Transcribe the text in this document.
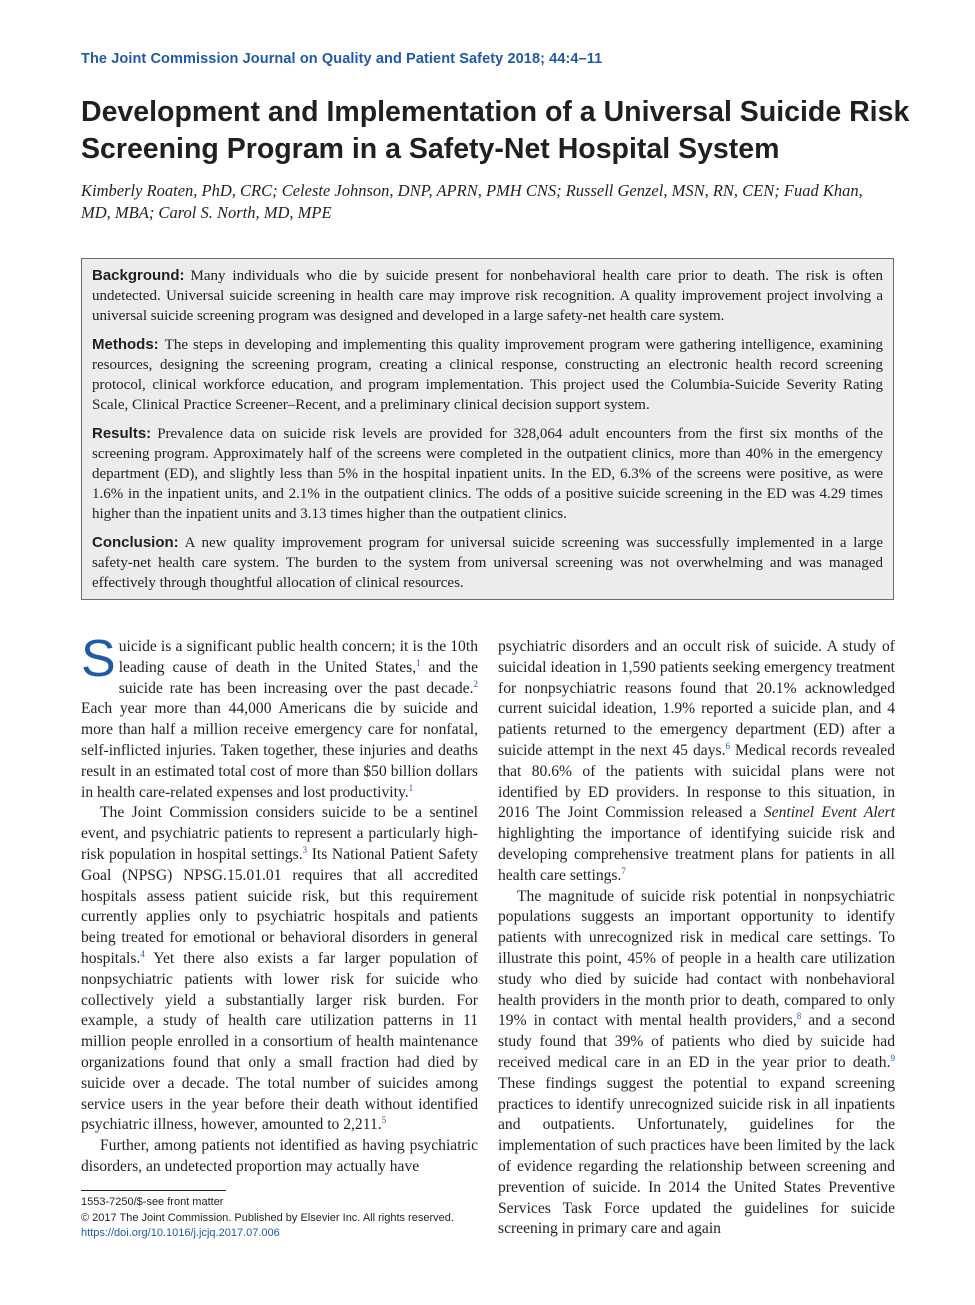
The Joint Commission Journal on Quality and Patient Safety 2018; 44:4–11
Development and Implementation of a Universal Suicide Risk Screening Program in a Safety-Net Hospital System
Kimberly Roaten, PhD, CRC; Celeste Johnson, DNP, APRN, PMH CNS; Russell Genzel, MSN, RN, CEN; Fuad Khan, MD, MBA; Carol S. North, MD, MPE

Background: Many individuals who die by suicide present for nonbehavioral health care prior to death. The risk is often undetected. Universal suicide screening in health care may improve risk recognition. A quality improvement project involving a universal suicide screening program was designed and developed in a large safety-net health care system.

Methods: The steps in developing and implementing this quality improvement program were gathering intelligence, examining resources, designing the screening program, creating a clinical response, constructing an electronic health record screening protocol, clinical workforce education, and program implementation. This project used the Columbia-Suicide Severity Rating Scale, Clinical Practice Screener–Recent, and a preliminary clinical decision support system.

Results: Prevalence data on suicide risk levels are provided for 328,064 adult encounters from the first six months of the screening program. Approximately half of the screens were completed in the outpatient clinics, more than 40% in the emergency department (ED), and slightly less than 5% in the hospital inpatient units. In the ED, 6.3% of the screens were positive, as were 1.6% in the inpatient units, and 2.1% in the outpatient clinics. The odds of a positive suicide screening in the ED was 4.29 times higher than the inpatient units and 3.13 times higher than the outpatient clinics.

Conclusion: A new quality improvement program for universal suicide screening was successfully implemented in a large safety-net health care system. The burden to the system from universal screening was not overwhelming and was managed effectively through thoughtful allocation of clinical resources.

Suicide is a significant public health concern; it is the 10th leading cause of death in the United States,$^1$ and the suicide rate has been increasing over the past decade.$^2$ Each year more than 44,000 Americans die by suicide and more than half a million receive emergency care for nonfatal, self-inflicted injuries. Taken together, these injuries and deaths result in an estimated total cost of more than $50 billion dollars in health care-related expenses and lost productivity.$^1$

The Joint Commission considers suicide to be a sentinel event, and psychiatric patients to represent a particularly high-risk population in hospital settings.$^3$ Its National Patient Safety Goal (NPSG) NPSG.15.01.01 requires that all accredited hospitals assess patient suicide risk, but this requirement currently applies only to psychiatric hospitals and patients being treated for emotional or behavioral disorders in general hospitals.$^4$ Yet there also exists a far larger population of nonpsychiatric patients with lower risk for suicide who collectively yield a substantially larger risk burden. For example, a study of health care utilization patterns in 11 million people enrolled in a consortium of health maintenance organizations found that only a small fraction had died by suicide over a decade. The total number of suicides among service users in the year before their death without identified psychiatric illness, however, amounted to 2,211.$^5$

Further, among patients not identified as having psychiatric disorders, an undetected proportion may actually have

psychiatric disorders and an occult risk of suicide. A study of suicidal ideation in 1,590 patients seeking emergency treatment for nonpsychiatric reasons found that 20.1% acknowledged current suicidal ideation, 1.9% reported a suicide plan, and 4 patients returned to the emergency department (ED) after a suicide attempt in the next 45 days.$^6$ Medical records revealed that 80.6% of the patients with suicidal plans were not identified by ED providers. In response to this situation, in 2016 The Joint Commission released a Sentinel Event Alert highlighting the importance of identifying suicide risk and developing comprehensive treatment plans for patients in all health care settings.$^7$

The magnitude of suicide risk potential in nonpsychiatric populations suggests an important opportunity to identify patients with unrecognized risk in medical care settings. To illustrate this point, 45% of people in a health care utilization study who died by suicide had contact with nonbehavioral health providers in the month prior to death, compared to only 19% in contact with mental health providers,$^8$ and a second study found that 39% of patients who died by suicide had received medical care in an ED in the year prior to death.$^9$ These findings suggest the potential to expand screening practices to identify unrecognized suicide risk in all inpatients and outpatients. Unfortunately, guidelines for the implementation of such practices have been limited by the lack of evidence regarding the relationship between screening and prevention of suicide. In 2014 the United States Preventive Services Task Force updated the guidelines for suicide screening in primary care and again

1553-7250/$-see front matter
© 2017 The Joint Commission. Published by Elsevier Inc. All rights reserved.
https://doi.org/10.1016/j.jcjq.2017.07.006
